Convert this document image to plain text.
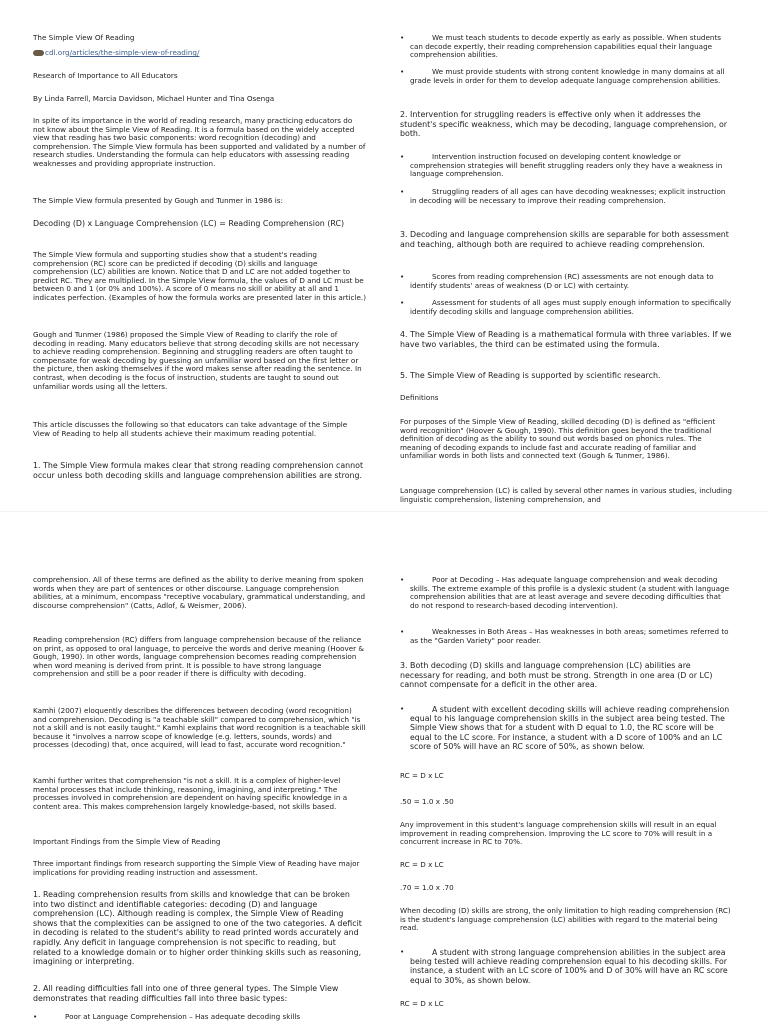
The Simple View Of Reading

cdl.org/articles/the-simple-view-of-reading/

Research of Importance to All Educators

By Linda Farrell, Marcia Davidson, Michael Hunter and Tina Osenga

In spite of its importance in the world of reading research, many practicing educators do not know about the Simple View of Reading. It is a formula based on the widely accepted view that reading has two basic components: word recognition (decoding) and comprehension. The Simple View formula has been supported and validated by a number of research studies. Understanding the formula can help educators with assessing reading weaknesses and providing appropriate instruction.

The Simple View formula presented by Gough and Tunmer in 1986 is:

Decoding (D) x Language Comprehension (LC) = Reading Comprehension (RC)

The Simple View formula and supporting studies show that a student's reading comprehension (RC) score can be predicted if decoding (D) skills and language comprehension (LC) abilities are known. Notice that D and LC are not added together to predict RC. They are multiplied. In the Simple View formula, the values of D and LC must be between 0 and 1 (or 0% and 100%). A score of 0 means no skill or ability at all and 1 indicates perfection. (Examples of how the formula works are presented later in this article.)

Gough and Tunmer (1986) proposed the Simple View of Reading to clarify the role of decoding in reading. Many educators believe that strong decoding skills are not necessary to achieve reading comprehension. Beginning and struggling readers are often taught to compensate for weak decoding by guessing an unfamiliar word based on the first letter or the picture, then asking themselves if the word makes sense after reading the sentence. In contrast, when decoding is the focus of instruction, students are taught to sound out unfamiliar words using all the letters.

This article discusses the following so that educators can take advantage of the Simple View of Reading to help all students achieve their maximum reading potential.

1. The Simple View formula makes clear that strong reading comprehension cannot occur unless both decoding skills and language comprehension abilities are strong.

•	We must teach students to decode expertly as early as possible. When students can decode expertly, their reading comprehension capabilities equal their language comprehension abilities.

•	We must provide students with strong content knowledge in many domains at all grade levels in order for them to develop adequate language comprehension abilities.

2. Intervention for struggling readers is effective only when it addresses the student's specific weakness, which may be decoding, language comprehension, or both.

•	Intervention instruction focused on developing content knowledge or comprehension strategies will benefit struggling readers only they have a weakness in language comprehension.

•	Struggling readers of all ages can have decoding weaknesses; explicit instruction in decoding will be necessary to improve their reading comprehension.

3. Decoding and language comprehension skills are separable for both assessment and teaching, although both are required to achieve reading comprehension.

•	Scores from reading comprehension (RC) assessments are not enough data to identify students' areas of weakness (D or LC) with certainty.

•	Assessment for students of all ages must supply enough information to specifically identify decoding skills and language comprehension abilities.

4. The Simple View of Reading is a mathematical formula with three variables. If we have two variables, the third can be estimated using the formula.

5. The Simple View of Reading is supported by scientific research.

Definitions

For purposes of the Simple View of Reading, skilled decoding (D) is defined as "efficient word recognition" (Hoover & Gough, 1990). This definition goes beyond the traditional definition of decoding as the ability to sound out words based on phonics rules. The meaning of decoding expands to include fast and accurate reading of familiar and unfamiliar words in both lists and connected text (Gough & Tunmer, 1986).

Language comprehension (LC) is called by several other names in various studies, including linguistic comprehension, listening comprehension, and

comprehension. All of these terms are defined as the ability to derive meaning from spoken words when they are part of sentences or other discourse. Language comprehension abilities, at a minimum, encompass "receptive vocabulary, grammatical understanding, and discourse comprehension" (Catts, Adlof, & Weismer, 2006).

Reading comprehension (RC) differs from language comprehension because of the reliance on print, as opposed to oral language, to perceive the words and derive meaning (Hoover & Gough, 1990). In other words, language comprehension becomes reading comprehension when word meaning is derived from print. It is possible to have strong language comprehension and still be a poor reader if there is difficulty with decoding.

Kamhi (2007) eloquently describes the differences between decoding (word recognition) and comprehension. Decoding is "a teachable skill" compared to comprehension, which "is not a skill and is not easily taught." Kamhi explains that word recognition is a teachable skill because it "involves a narrow scope of knowledge (e.g. letters, sounds, words) and processes (decoding) that, once acquired, will lead to fast, accurate word recognition."

Kamhi further writes that comprehension "is not a skill. It is a complex of higher-level mental processes that include thinking, reasoning, imagining, and interpreting." The processes involved in comprehension are dependent on having specific knowledge in a content area. This makes comprehension largely knowledge-based, not skills based.

Important Findings from the Simple View of Reading

Three important findings from research supporting the Simple View of Reading have major implications for providing reading instruction and assessment.

1. Reading comprehension results from skills and knowledge that can be broken into two distinct and identifiable categories: decoding (D) and language comprehension (LC). Although reading is complex, the Simple View of Reading shows that the complexities can be assigned to one of the two categories. A deficit in decoding is related to the student's ability to read printed words accurately and rapidly. Any deficit in language comprehension is not specific to reading, but related to a knowledge domain or to higher order thinking skills such as reasoning, imagining or interpreting.

2. All reading difficulties fall into one of three general types. The Simple View demonstrates that reading difficulties fall into three basic types:

•	Poor at Language Comprehension – Has adequate decoding skills

•	Poor at Decoding – Has adequate language comprehension and weak decoding skills. The extreme example of this profile is a dyslexic student (a student with language comprehension abilities that are at least average and severe decoding difficulties that do not respond to research-based decoding intervention).

•	Weaknesses in Both Areas – Has weaknesses in both areas; sometimes referred to as the "Garden Variety" poor reader.

3. Both decoding (D) skills and language comprehension (LC) abilities are necessary for reading, and both must be strong. Strength in one area (D or LC) cannot compensate for a deficit in the other area.

•	A student with excellent decoding skills will achieve reading comprehension equal to his language comprehension skills in the subject area being tested. The Simple View shows that for a student with D equal to 1.0, the RC score will be equal to the LC score. For instance, a student with a D score of 100% and an LC score of 50% will have an RC score of 50%, as shown below.

RC = D x LC

.50 = 1.0 x .50

Any improvement in this student's language comprehension skills will result in an equal improvement in reading comprehension. Improving the LC score to 70% will result in a concurrent increase in RC to 70%.

RC = D x LC

.70 = 1.0 x .70

When decoding (D) skills are strong, the only limitation to high reading comprehension (RC) is the student's language comprehension (LC) abilities with regard to the material being read.

•	A student with strong language comprehension abilities in the subject area being tested will achieve reading comprehension equal to his decoding skills. For instance, a student with an LC score of 100% and D of 30% will have an RC score equal to 30%, as shown below.

RC = D x LC
